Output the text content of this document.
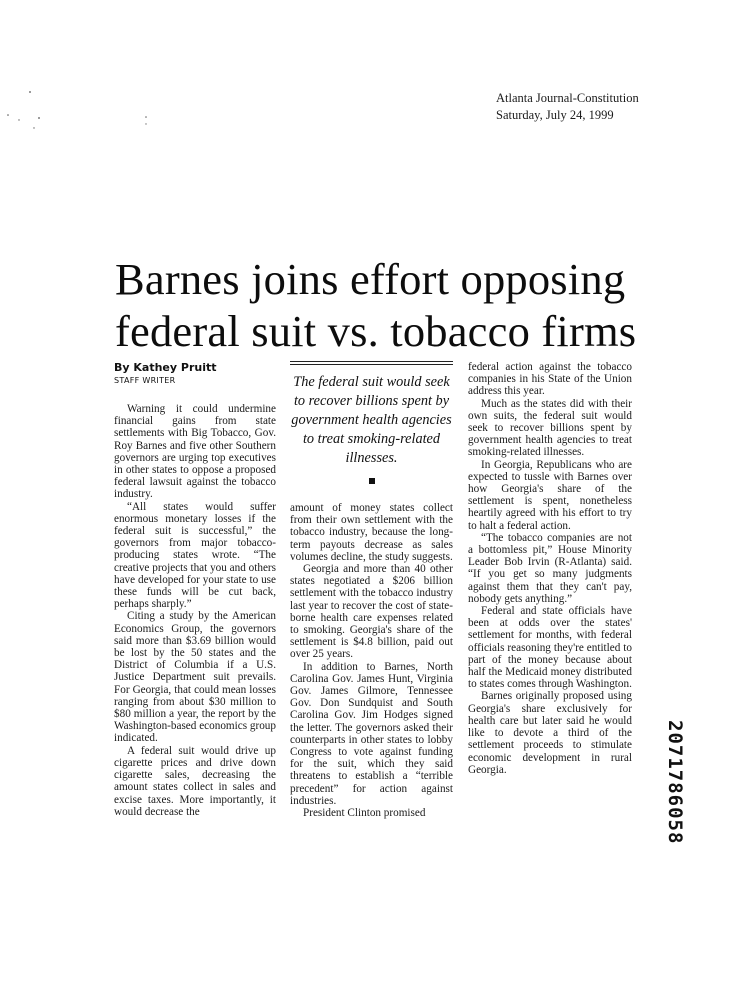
Atlanta Journal-Constitution
Saturday, July 24, 1999
Barnes joins effort opposing
federal suit vs. tobacco firms
By Kathey Pruitt
STAFF WRITER

Warning it could undermine financial gains from state settlements with Big Tobacco, Gov. Roy Barnes and five other Southern governors are urging top executives in other states to oppose a proposed federal lawsuit against the tobacco industry.

“All states would suffer enormous monetary losses if the federal suit is successful,” the governors from major tobacco-producing states wrote. “The creative projects that you and others have developed for your state to use these funds will be cut back, perhaps sharply.”

Citing a study by the American Economics Group, the governors said more than $3.69 billion would be lost by the 50 states and the District of Columbia if a U.S. Justice Department suit prevails. For Georgia, that could mean losses ranging from about $30 million to $80 million a year, the report by the Washington-based economics group indicated.

A federal suit would drive up cigarette prices and drive down cigarette sales, decreasing the amount states collect in sales and excise taxes. More importantly, it would decrease the

The federal suit would seek to recover billions spent by government health agencies to treat smoking-related illnesses.

amount of money states collect from their own settlement with the tobacco industry, because the long-term payouts decrease as sales volumes decline, the study suggests.

Georgia and more than 40 other states negotiated a $206 billion settlement with the tobacco industry last year to recover the cost of state-borne health care expenses related to smoking. Georgia's share of the settlement is $4.8 billion, paid out over 25 years.

In addition to Barnes, North Carolina Gov. James Hunt, Virginia Gov. James Gilmore, Tennessee Gov. Don Sundquist and South Carolina Gov. Jim Hodges signed the letter. The governors asked their counterparts in other states to lobby Congress to vote against funding for the suit, which they said threatens to establish a “terrible precedent” for action against industries.

President Clinton promised

federal action against the tobacco companies in his State of the Union address this year.

Much as the states did with their own suits, the federal suit would seek to recover billions spent by government health agencies to treat smoking-related illnesses.

In Georgia, Republicans who are expected to tussle with Barnes over how Georgia's share of the settlement is spent, nonetheless heartily agreed with his effort to try to halt a federal action.

“The tobacco companies are not a bottomless pit,” House Minority Leader Bob Irvin (R-Atlanta) said. “If you get so many judgments against them that they can't pay, nobody gets anything.”

Federal and state officials have been at odds over the states' settlement for months, with federal officials reasoning they're entitled to part of the money because about half the Medicaid money distributed to states comes through Washington.

Barnes originally proposed using Georgia's share exclusively for health care but later said he would like to devote a third of the settlement proceeds to stimulate economic development in rural Georgia.	2071786058
